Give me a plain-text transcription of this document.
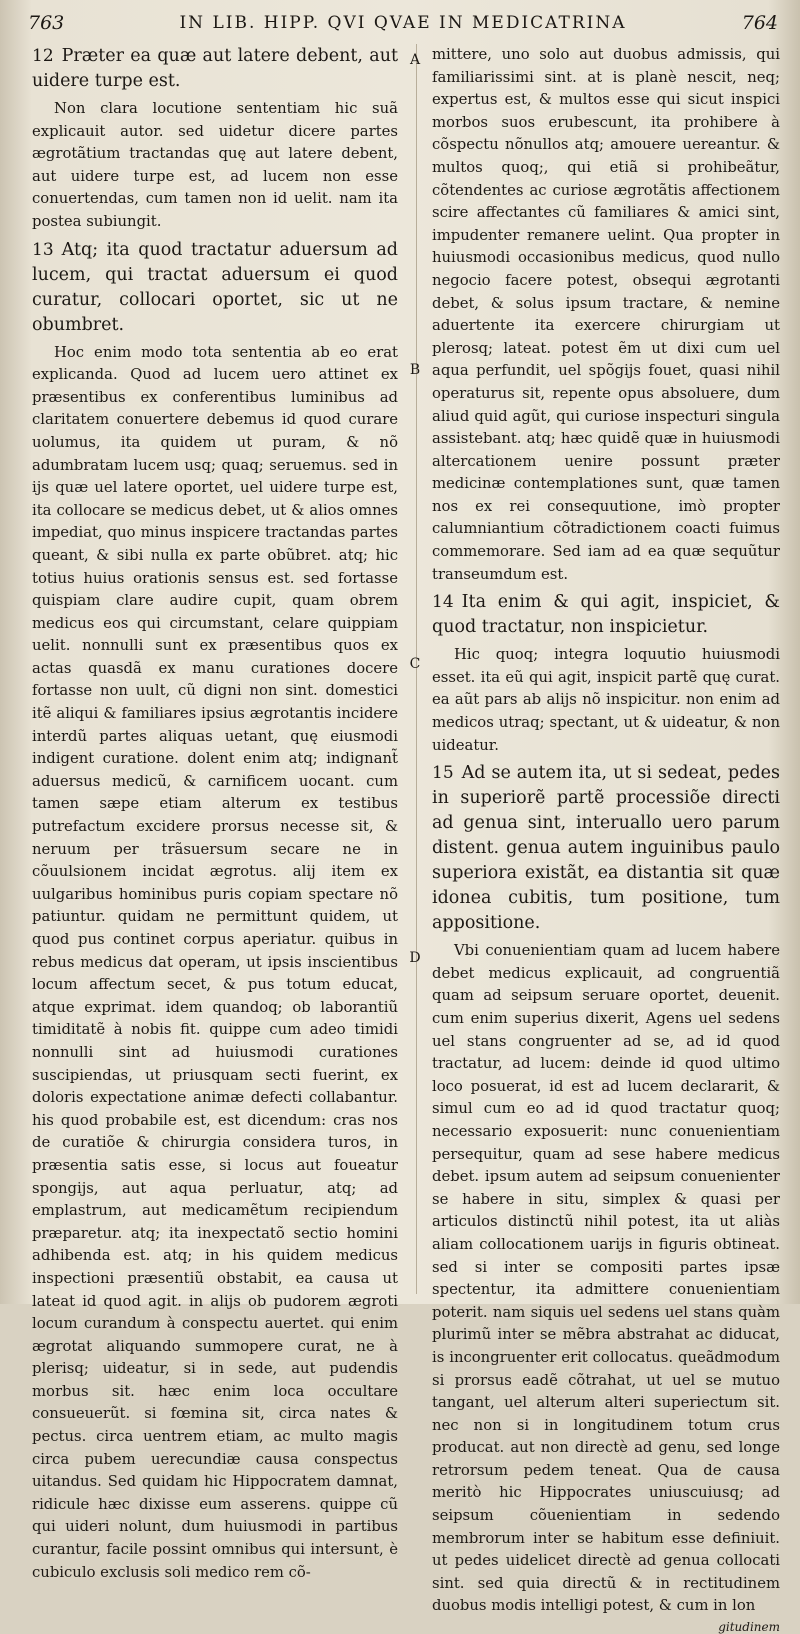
763	IN LIB. HIPP. QVI QVAE IN MEDICATRINA	764
A
B
C
D

12 Præter ea quæ aut latere debent, aut uidere turpe est.

Non clara locutione sententiam hic suã explicauit autor. sed uidetur dicere partes ægrotãtium tractandas quę aut latere debent, aut uidere turpe est, ad lucem non esse conuertendas, cum tamen non id uelit. nam ita postea subiungit.

13 Atq; ita quod tractatur aduersum ad lucem, qui tractat aduersum ei quod curatur, collocari oportet, sic ut ne obumbret.

Hoc enim modo tota sententia ab eo erat explicanda. Quod ad lucem uero attinet ex præsentibus ex conferentibus luminibus ad claritatem conuertere debemus id quod curare uolumus, ita quidem ut puram, & nõ adumbratam lucem usq; quaq; seruemus. sed in ijs quæ uel latere oportet, uel uidere turpe est, ita collocare se medicus debet, ut & alios omnes impediat, quo minus inspicere tractandas partes queant, & sibi nulla ex parte obũbret. atq; hic totius huius orationis sensus est. sed fortasse quispiam clare audire cupit, quam obrem medicus eos qui circumstant, celare quippiam uelit. nonnulli sunt ex præsentibus quos ex actas quasdã ex manu curationes docere fortasse non uult, cũ digni non sint. domestici itẽ aliqui & familiares ipsius ægrotantis incidere interdũ partes aliquas uetant, quę eiusmodi indigent curatione. dolent enim atq; indignant̃ aduersus medicũ, & carnificem uocant. cum tamen sæpe etiam alterum ex testibus putrefactum excidere prorsus necesse sit, & neruum per trãsuersum secare ne in cõuulsionem incidat ægrotus. alij item ex uulgaribus hominibus puris copiam spectare nõ patiuntur. quidam ne permittunt quidem, ut quod pus continet corpus aperiatur. quibus in rebus medicus dat operam, ut ipsis inscientibus locum affectum secet, & pus totum educat, atque exprimat. idem quandoq; ob laborantiũ timiditatẽ à nobis fit. quippe cum adeo timidi nonnulli sint ad huiusmodi curationes suscipiendas, ut priusquam secti fuerint, ex doloris expectatione animæ defecti collabantur. his quod probabile est, est dicendum: cras nos de curatiõe & chirurgia considera turos, in præsentia satis esse, si locus aut foueatur spongijs, aut aqua perluatur, atq; ad emplastrum, aut medicamẽtum recipiendum præparetur. atq; ita inexpectatõ sectio homini adhibenda est. atq; in his quidem medicus inspectioni præsentiũ obstabit, ea causa ut lateat id quod agit. in alijs ob pudorem ægroti locum curandum à conspectu auertet. qui enim ægrotat aliquando summopere curat, ne à plerisq; uideatur, si in sede, aut pudendis morbus sit. hæc enim loca occultare consueuerũt. si fœmina sit, circa nates & pectus. circa uentrem etiam, ac multo magis circa pubem uerecundiæ causa conspectus uitandus. Sed quidam hic Hippocratem damnat, ridicule hæc dixisse eum asserens. quippe cũ qui uideri nolunt, dum huiusmodi in partibus curantur, facile possint omnibus qui intersunt, è cubiculo exclusis soli medico rem cõ-

mittere, uno solo aut duobus admissis, qui familiarissimi sint. at is planè nescit, neq; expertus est, & multos esse qui sicut inspici morbos suos erubescunt, ita prohibere à cõspectu nõnullos atq; amouere uereantur. & multos quoq;, qui etiã si prohibeãtur, cõtendentes ac curiose ægrotãtis affectionem scire affectantes cũ familiares & amici sint, impudenter remanere uelint. Qua propter in huiusmodi occasionibus medicus, quod nullo negocio facere potest, obsequi ægrotanti debet, & solus ipsum tractare, & nemine aduertente ita exercere chirurgiam ut plerosq; lateat. potest ẽm ut dixi cum uel aqua perfundit, uel spõgijs fouet, quasi nihil operaturus sit, repente opus absoluere, dum aliud quid agũt, qui curiose inspecturi singula assistebant. atq; hæc quidẽ quæ in huiusmodi altercationem uenire possunt præter medicinæ contemplationes sunt, quæ tamen nos ex rei consequutione, imò propter calumniantium cõtradictionem coacti fuimus commemorare. Sed iam ad ea quæ sequũtur transeumdum est.

14 Ita enim & qui agit, inspiciet, & quod tractatur, non inspicietur.

Hic quoq; integra loquutio huiusmodi esset. ita eũ qui agit, inspicit partẽ quę curat. ea aũt pars ab alijs nõ inspicitur. non enim ad medicos utraq; spectant, ut & uideatur, & non uideatur.

15 Ad se autem ita, ut si sedeat, pedes in superiorẽ partẽ processiõe directi ad genua sint, interuallo uero parum distent. genua autem inguinibus paulo superiora existãt, ea distantia sit quæ idonea cubitis, tum positione, tum appositione.

Vbi conuenientiam quam ad lucem habere debet medicus explicauit, ad congruentiã quam ad seipsum seruare oportet, deuenit. cum enim superius dixerit, Agens uel sedens uel stans congruenter ad se, ad id quod tractatur, ad lucem: deinde id quod ultimo loco posuerat, id est ad lucem declararit, & simul cum eo ad id quod tractatur quoq; necessario exposuerit: nunc conuenientiam persequitur, quam ad sese habere medicus debet. ipsum autem ad seipsum conuenienter se habere in situ, simplex & quasi per articulos distinctũ nihil potest, ita ut aliàs aliam collocationem uarijs in figuris obtineat. sed si inter se compositi partes ipsæ spectentur, ita admittere conuenientiam poterit. nam siquis uel sedens uel stans quàm plurimũ inter se mẽbra abstrahat ac diducat, is incongruenter erit collocatus. queãdmodum si prorsus eadẽ cõtrahat, ut uel se mutuo tangant, uel alterum alteri superiectum sit. nec non si in longitudinem totum crus producat. aut non directè ad genu, sed longe retrorsum pedem teneat. Qua de causa meritò hic Hippocrates uniuscuiusq; ad seipsum cõuenientiam in sedendo membrorum inter se habitum esse definiuit. ut pedes uidelicet directè ad genua collocati sint. sed quia directũ & in rectitudinem duobus modis intelligi potest, & cum in lon

gitudinem
